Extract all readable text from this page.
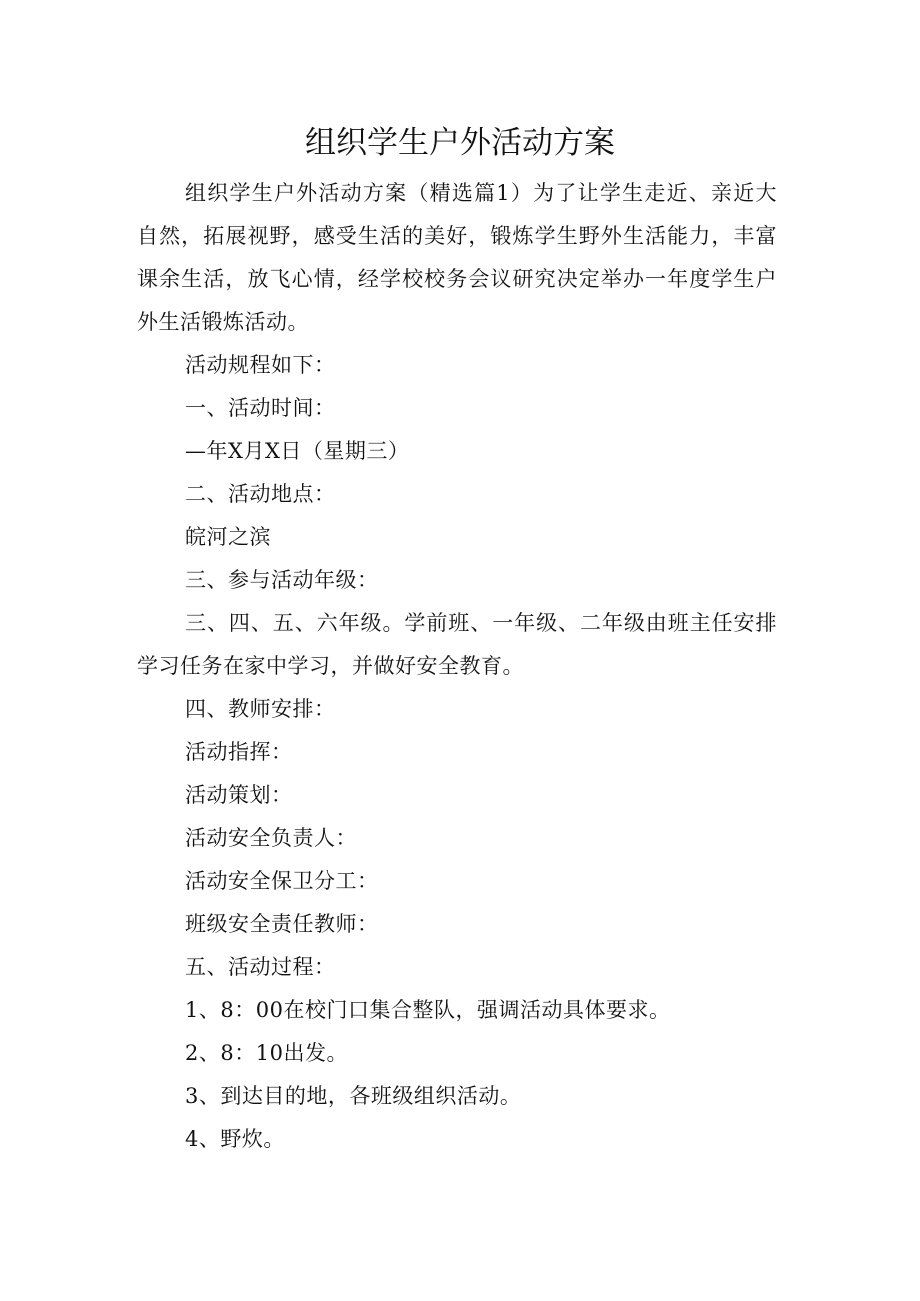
组织学生户外活动方案

组织学生户外活动方案（精选篇1）为了让学生走近、亲近大自然，拓展视野，感受生活的美好，锻炼学生野外生活能力，丰富课余生活，放飞心情，经学校校务会议研究决定举办一年度学生户外生活锻炼活动。

活动规程如下：

一、活动时间：

—年X月X日（星期三）

二、活动地点：

皖河之滨

三、参与活动年级：

三、四、五、六年级。学前班、一年级、二年级由班主任安排学习任务在家中学习，并做好安全教育。

四、教师安排：

活动指挥：

活动策划：

活动安全负责人：

活动安全保卫分工：

班级安全责任教师：

五、活动过程：

1、8：00在校门口集合整队，强调活动具体要求。

2、8：10出发。

3、到达目的地，各班级组织活动。

4、野炊。
